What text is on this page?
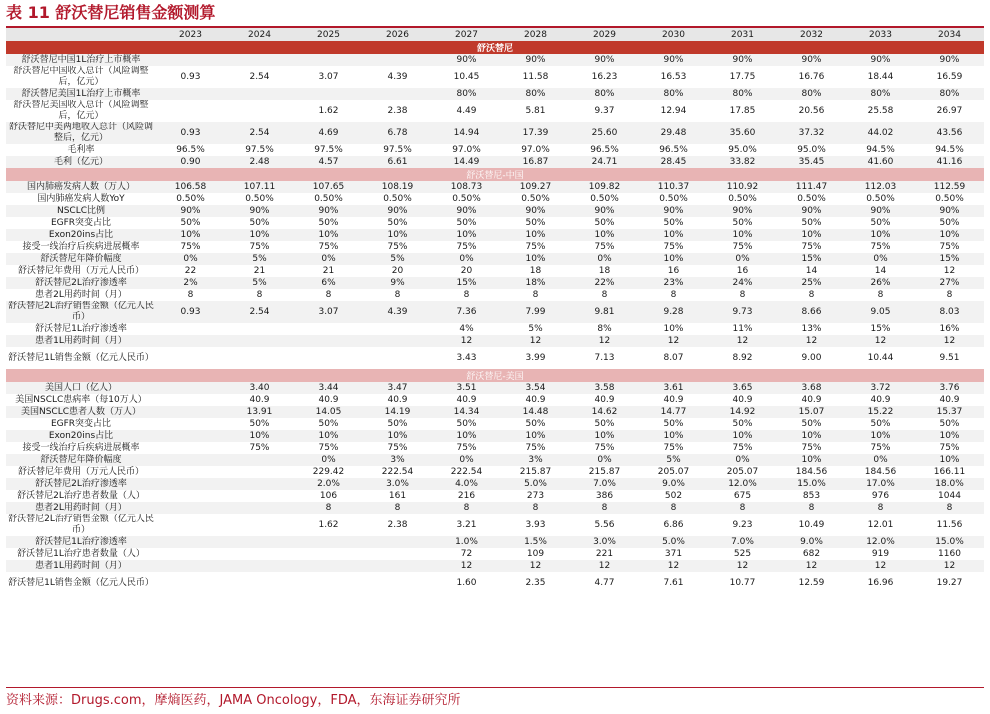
表 11 舒沃替尼销售金额测算
	2023	2024	2025	2026	2027	2028	2029	2030	2031	2032	2033	2034
舒沃替尼												
舒沃替尼中国1L治疗上市概率					90%	90%	90%	90%	90%	90%	90%	90%
舒沃替尼中国收入总计（风险调整后，亿元）	0.93	2.54	3.07	4.39	10.45	11.58	16.23	16.53	17.75	16.76	18.44	16.59
舒沃替尼美国1L治疗上市概率					80%	80%	80%	80%	80%	80%	80%	80%
舒沃替尼美国收入总计（风险调整后，亿元）			1.62	2.38	4.49	5.81	9.37	12.94	17.85	20.56	25.58	26.97
舒沃替尼中美两地收入总计（风险调整后，亿元）	0.93	2.54	4.69	6.78	14.94	17.39	25.60	29.48	35.60	37.32	44.02	43.56
毛利率	96.5%	97.5%	97.5%	97.5%	97.0%	97.0%	96.5%	96.5%	95.0%	95.0%	94.5%	94.5%
毛利（亿元）	0.90	2.48	4.57	6.61	14.49	16.87	24.71	28.45	33.82	35.45	41.60	41.16
舒沃替尼-中国												
国内肺癌发病人数（万人）	106.58	107.11	107.65	108.19	108.73	109.27	109.82	110.37	110.92	111.47	112.03	112.59
国内肺癌发病人数YoY	0.50%	0.50%	0.50%	0.50%	0.50%	0.50%	0.50%	0.50%	0.50%	0.50%	0.50%	0.50%
NSCLC比例	90%	90%	90%	90%	90%	90%	90%	90%	90%	90%	90%	90%
EGFR突变占比	50%	50%	50%	50%	50%	50%	50%	50%	50%	50%	50%	50%
Exon20ins占比	10%	10%	10%	10%	10%	10%	10%	10%	10%	10%	10%	10%
接受一线治疗后疾病进展概率	75%	75%	75%	75%	75%	75%	75%	75%	75%	75%	75%	75%
舒沃替尼年降价幅度	0%	5%	0%	5%	0%	10%	0%	10%	0%	15%	0%	15%
舒沃替尼年费用（万元人民币）	22	21	21	20	20	18	18	16	16	14	14	12
舒沃替尼2L治疗渗透率	2%	5%	6%	9%	15%	18%	22%	23%	24%	25%	26%	27%
患者2L用药时间（月）	8	8	8	8	8	8	8	8	8	8	8	8
舒沃替尼2L治疗销售金额（亿元人民币）	0.93	2.54	3.07	4.39	7.36	7.99	9.81	9.28	9.73	8.66	9.05	8.03
舒沃替尼1L治疗渗透率					4%	5%	8%	10%	11%	13%	15%	16%
患者1L用药时间（月）					12	12	12	12	12	12	12	12
舒沃替尼1L销售金额（亿元人民币）					3.43	3.99	7.13	8.07	8.92	9.00	10.44	9.51
舒沃替尼-美国												
美国人口（亿人）		3.40	3.44	3.47	3.51	3.54	3.58	3.61	3.65	3.68	3.72	3.76
美国NSCLC患病率（每10万人）		40.9	40.9	40.9	40.9	40.9	40.9	40.9	40.9	40.9	40.9	40.9
美国NSCLC患者人数（万人）		13.91	14.05	14.19	14.34	14.48	14.62	14.77	14.92	15.07	15.22	15.37
EGFR突变占比		50%	50%	50%	50%	50%	50%	50%	50%	50%	50%	50%
Exon20ins占比		10%	10%	10%	10%	10%	10%	10%	10%	10%	10%	10%
接受一线治疗后疾病进展概率		75%	75%	75%	75%	75%	75%	75%	75%	75%	75%	75%
舒沃替尼年降价幅度			0%	3%	0%	3%	0%	5%	0%	10%	0%	10%
舒沃替尼年费用（万元人民币）			229.42	222.54	222.54	215.87	215.87	205.07	205.07	184.56	184.56	166.11
舒沃替尼2L治疗渗透率			2.0%	3.0%	4.0%	5.0%	7.0%	9.0%	12.0%	15.0%	17.0%	18.0%
舒沃替尼2L治疗患者数量（人）			106	161	216	273	386	502	675	853	976	1044
患者2L用药时间（月）			8	8	8	8	8	8	8	8	8	8
舒沃替尼2L治疗销售金额（亿元人民币）			1.62	2.38	3.21	3.93	5.56	6.86	9.23	10.49	12.01	11.56
舒沃替尼1L治疗渗透率					1.0%	1.5%	3.0%	5.0%	7.0%	9.0%	12.0%	15.0%
舒沃替尼1L治疗患者数量（人）					72	109	221	371	525	682	919	1160
患者1L用药时间（月）					12	12	12	12	12	12	12	12
舒沃替尼1L销售金额（亿元人民币）					1.60	2.35	4.77	7.61	10.77	12.59	16.96	19.27
资料来源：Drugs.com，摩熵医药，JAMA Oncology，FDA，东海证券研究所
